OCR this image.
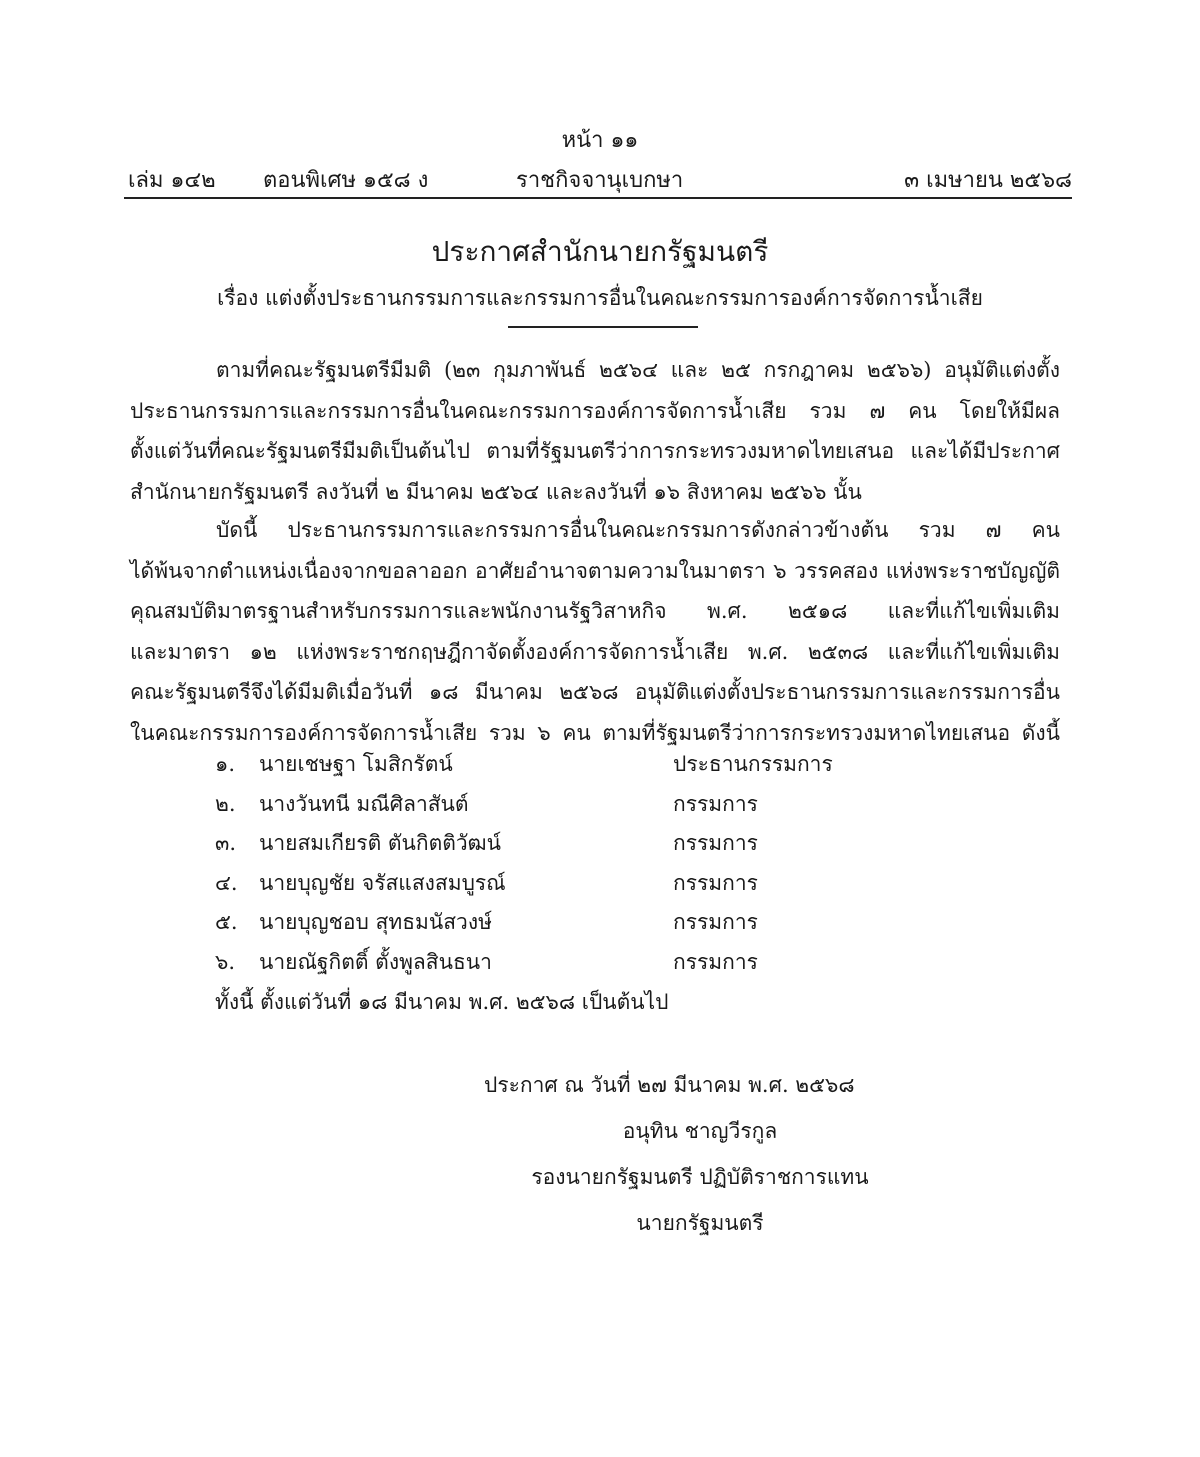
หน้า ๑๑
เล่ม ๑๔๒ ตอนพิเศษ ๑๕๘ ง	ราชกิจจานุเบกษา	๓ เมษายน ๒๕๖๘
ประกาศสำนักนายกรัฐมนตรี
เรื่อง แต่งตั้งประธานกรรมการและกรรมการอื่นในคณะกรรมการองค์การจัดการน้ำเสีย
ตามที่คณะรัฐมนตรีมีมติ (๒๓ กุมภาพันธ์ ๒๕๖๔ และ ๒๕ กรกฎาคม ๒๕๖๖) อนุมัติแต่งตั้ง
ประธานกรรมการและกรรมการอื่นในคณะกรรมการองค์การจัดการน้ำเสีย รวม ๗ คน โดยให้มีผล
ตั้งแต่วันที่คณะรัฐมนตรีมีมติเป็นต้นไป ตามที่รัฐมนตรีว่าการกระทรวงมหาดไทยเสนอ และได้มีประกาศ
สำนักนายกรัฐมนตรี ลงวันที่ ๒ มีนาคม ๒๕๖๔ และลงวันที่ ๑๖ สิงหาคม ๒๕๖๖ นั้น
บัดนี้ ประธานกรรมการและกรรมการอื่นในคณะกรรมการดังกล่าวข้างต้น รวม ๗ คน
ได้พ้นจากตำแหน่งเนื่องจากขอลาออก อาศัยอำนาจตามความในมาตรา ๖ วรรคสอง แห่งพระราชบัญญัติ
คุณสมบัติมาตรฐานสำหรับกรรมการและพนักงานรัฐวิสาหกิจ พ.ศ. ๒๕๑๘ และที่แก้ไขเพิ่มเติม
และมาตรา ๑๒ แห่งพระราชกฤษฎีกาจัดตั้งองค์การจัดการน้ำเสีย พ.ศ. ๒๕๓๘ และที่แก้ไขเพิ่มเติม
คณะรัฐมนตรีจึงได้มีมติเมื่อวันที่ ๑๘ มีนาคม ๒๕๖๘ อนุมัติแต่งตั้งประธานกรรมการและกรรมการอื่น
ในคณะกรรมการองค์การจัดการน้ำเสีย รวม ๖ คน ตามที่รัฐมนตรีว่าการกระทรวงมหาดไทยเสนอ ดังนี้
๑. นายเชษฐา โมสิกรัตน์	ประธานกรรมการ
๒. นางวันทนี มณีศิลาสันต์	กรรมการ
๓. นายสมเกียรติ ตันกิตติวัฒน์	กรรมการ
๔. นายบุญชัย จรัสแสงสมบูรณ์	กรรมการ
๕. นายบุญชอบ สุทธมนัสวงษ์	กรรมการ
๖. นายณัฐกิตติ์ ตั้งพูลสินธนา	กรรมการ
ทั้งนี้ ตั้งแต่วันที่ ๑๘ มีนาคม พ.ศ. ๒๕๖๘ เป็นต้นไป
ประกาศ ณ วันที่ ๒๗ มีนาคม พ.ศ. ๒๕๖๘
อนุทิน ชาญวีรกูล
รองนายกรัฐมนตรี ปฏิบัติราชการแทน
นายกรัฐมนตรี
